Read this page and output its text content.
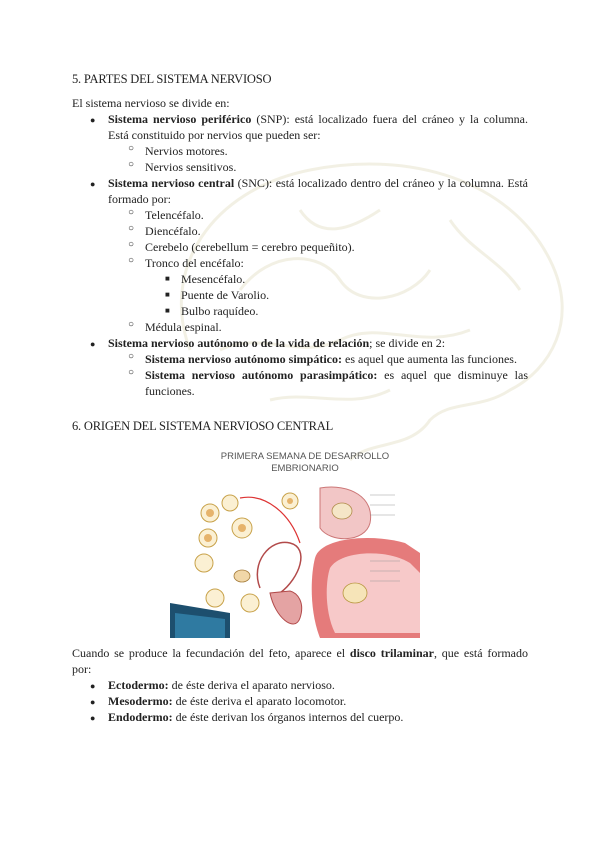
5. PARTES DEL SISTEMA NERVIOSO
El sistema nervioso se divide en:
● Sistema nervioso periférico (SNP): está localizado fuera del cráneo y la columna.
Está constituido por nervios que pueden ser:
○ Nervios motores.
○ Nervios sensitivos.
● Sistema nervioso central (SNC): está localizado dentro del cráneo y la columna. Está
formado por:
○ Telencéfalo.
○ Diencéfalo.
○ Cerebelo (cerebellum = cerebro pequeñito).
○ Tronco del encéfalo:
■ Mesencéfalo.
■ Puente de Varolio.
■ Bulbo raquídeo.
○ Médula espinal.
● Sistema nervioso autónomo o de la vida de relación; se divide en 2:
○ Sistema nervioso autónomo simpático: es aquel que aumenta las funciones.
○ Sistema nervioso autónomo parasimpático: es aquel que disminuye las
funciones.
6. ORIGEN DEL SISTEMA NERVIOSO CENTRAL
PRIMERA SEMANA DE DESARROLLO
EMBRIONARIO
Cuando se produce la fecundación del feto, aparece el disco trilaminar, que está formado
por:
● Ectodermo: de éste deriva el aparato nervioso.
● Mesodermo: de éste deriva el aparato locomotor.
● Endodermo: de éste derivan los órganos internos del cuerpo.
